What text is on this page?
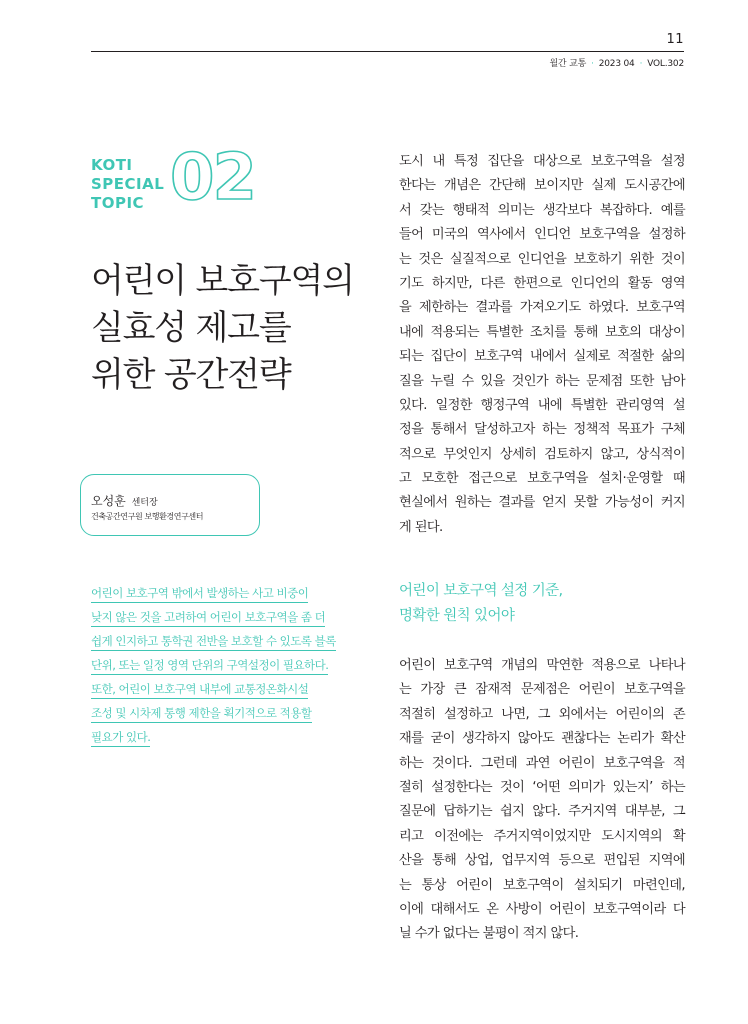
11
월간 교통 · 2023 04 · VOL.302
KOTI
SPECIAL
TOPIC 02
어린이 보호구역의
실효성 제고를
위한 공간전략
오성훈 센터장
건축공간연구원 보행환경연구센터
어린이 보호구역 밖에서 발생하는 사고 비중이
낮지 않은 것을 고려하여 어린이 보호구역을 좀 더
쉽게 인지하고 통학권 전반을 보호할 수 있도록 블록
단위, 또는 일정 영역 단위의 구역설정이 필요하다.
또한, 어린이 보호구역 내부에 교통정온화시설
조성 및 시차제 통행 제한을 획기적으로 적용할
필요가 있다.
도시 내 특정 집단을 대상으로 보호구역을 설정
한다는 개념은 간단해 보이지만 실제 도시공간에
서 갖는 행태적 의미는 생각보다 복잡하다. 예를
들어 미국의 역사에서 인디언 보호구역을 설정하
는 것은 실질적으로 인디언을 보호하기 위한 것이
기도 하지만, 다른 한편으로 인디언의 활동 영역
을 제한하는 결과를 가져오기도 하였다. 보호구역
내에 적용되는 특별한 조치를 통해 보호의 대상이
되는 집단이 보호구역 내에서 실제로 적절한 삶의
질을 누릴 수 있을 것인가 하는 문제점 또한 남아
있다. 일정한 행정구역 내에 특별한 관리영역 설
정을 통해서 달성하고자 하는 정책적 목표가 구체
적으로 무엇인지 상세히 검토하지 않고, 상식적이
고 모호한 접근으로 보호구역을 설치·운영할 때
현실에서 원하는 결과를 얻지 못할 가능성이 커지
게 된다.
어린이 보호구역 설정 기준,
명확한 원칙 있어야
어린이 보호구역 개념의 막연한 적용으로 나타나
는 가장 큰 잠재적 문제점은 어린이 보호구역을
적절히 설정하고 나면, 그 외에서는 어린이의 존
재를 굳이 생각하지 않아도 괜찮다는 논리가 확산
하는 것이다. 그런데 과연 어린이 보호구역을 적
절히 설정한다는 것이 ‘어떤 의미가 있는지’ 하는
질문에 답하기는 쉽지 않다. 주거지역 대부분, 그
리고 이전에는 주거지역이었지만 도시지역의 확
산을 통해 상업, 업무지역 등으로 편입된 지역에
는 통상 어린이 보호구역이 설치되기 마련인데,
이에 대해서도 온 사방이 어린이 보호구역이라 다
닐 수가 없다는 불평이 적지 않다.
